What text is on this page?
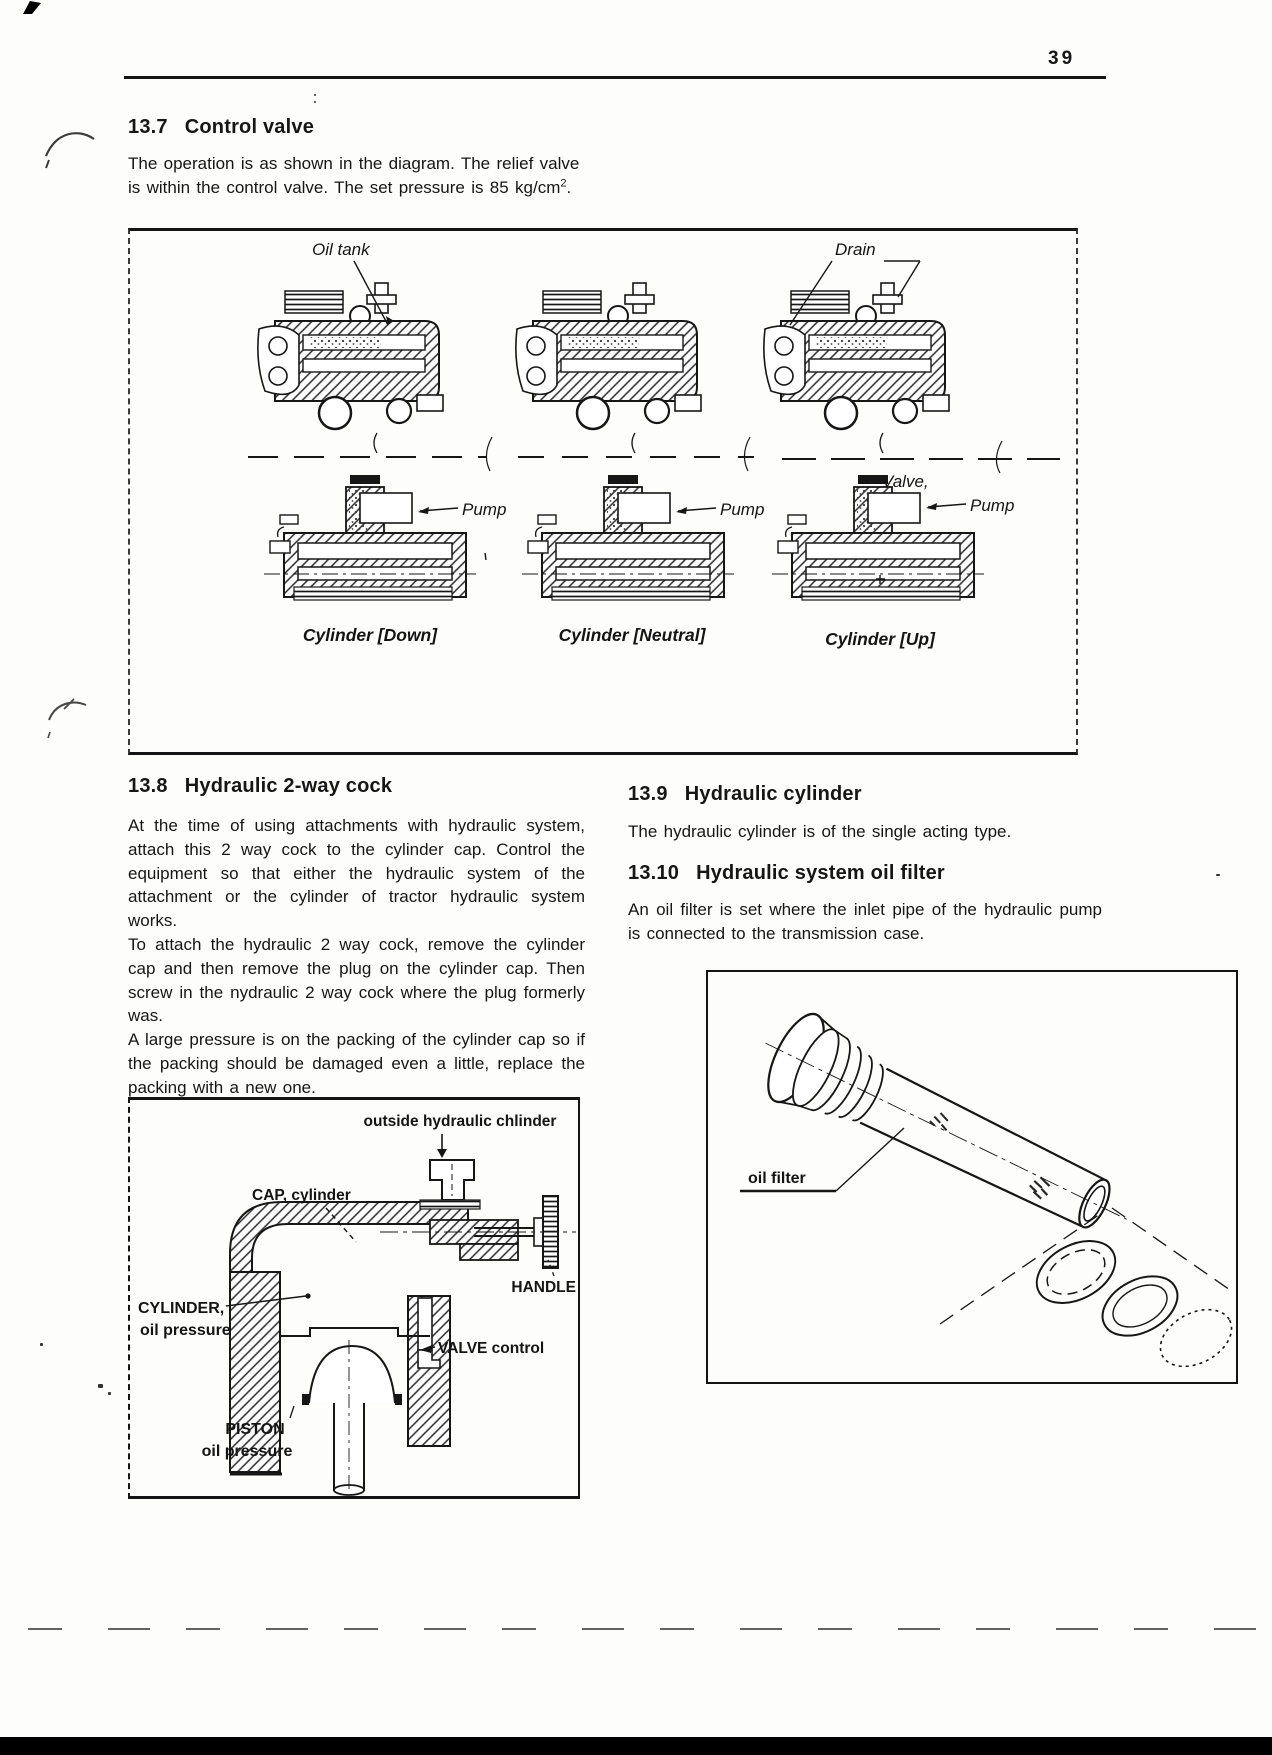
39
13.7 Control valve
The operation is as shown in the diagram. The relief valve is within the control valve. The set pressure is 85 $kg/cm^2$.
Oil tank	Drain
Pump	Pump	Pump
Valve,
Cylinder [Down]	Cylinder [Neutral]	Cylinder [Up]
13.8 Hydraulic 2-way cock

At the time of using attachments with hydraulic system, attach this 2 way cock to the cylinder cap. Control the equipment so that either the hydraulic system of the attachment or the cylinder of tractor hydraulic system works.

To attach the hydraulic 2 way cock, remove the cylinder cap and then remove the plug on the cylinder cap. Then screw in the nydraulic 2 way cock where the plug formerly was.

A large pressure is on the packing of the cylinder cap so if the packing should be damaged even a little, replace the packing with a new one.

13.9 Hydraulic cylinder
The hydraulic cylinder is of the single acting type.
13.10 Hydraulic system oil filter
An oil filter is set where the inlet pipe of the hydraulic pump is connected to the transmission case.
outside hydraulic chlinder
CAP, cylinder
HANDLE
CYLINDER,
oil pressure
VALVE control
PISTON
oil pressure
oil filter
